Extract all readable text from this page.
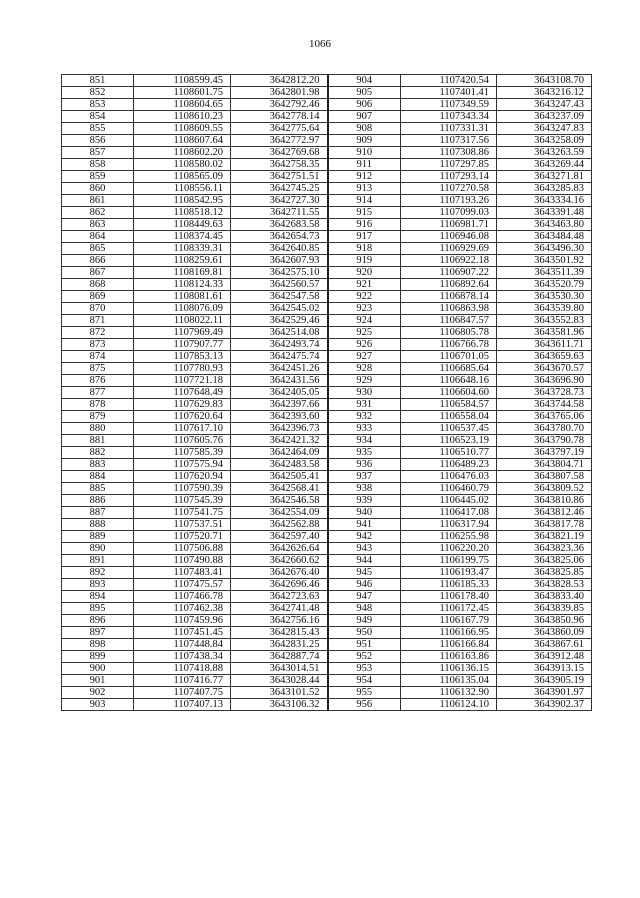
1066
851	1108599.45	3642812.20	904	1107420.54	3643108.70
852	1108601.75	3642801.98	905	1107401.41	3643216.12
853	1108604.65	3642792.46	906	1107349.59	3643247.43
854	1108610.23	3642778.14	907	1107343.34	3643237.09
855	1108609.55	3642775.64	908	1107331.31	3643247.83
856	1108607.64	3642772.97	909	1107317.56	3643258.09
857	1108602.20	3642769.68	910	1107308.86	3643263.59
858	1108580.02	3642758.35	911	1107297.85	3643269.44
859	1108565.09	3642751.51	912	1107293.14	3643271.81
860	1108556.11	3642745.25	913	1107270.58	3643285.83
861	1108542.95	3642727.30	914	1107193.26	3643334.16
862	1108518.12	3642711.55	915	1107099.03	3643391.48
863	1108449.63	3642683.58	916	1106981.71	3643463.80
864	1108374.45	3642654.73	917	1106946.08	3643484.48
865	1108339.31	3642640.85	918	1106929.69	3643496.30
866	1108259.61	3642607.93	919	1106922.18	3643501.92
867	1108169.81	3642575.10	920	1106907.22	3643511.39
868	1108124.33	3642560.57	921	1106892.64	3643520.79
869	1108081.61	3642547.58	922	1106878.14	3643530.30
870	1108076.09	3642545.02	923	1106863.98	3643539.80
871	1108022.11	3642529.46	924	1106847.57	3643552.83
872	1107969.49	3642514.08	925	1106805.78	3643581.96
873	1107907.77	3642493.74	926	1106766.78	3643611.71
874	1107853.13	3642475.74	927	1106701.05	3643659.63
875	1107780.93	3642451.26	928	1106685.64	3643670.57
876	1107721.18	3642431.56	929	1106648.16	3643696.90
877	1107648.49	3642405.05	930	1106604.60	3643728.73
878	1107629.83	3642397.66	931	1106584.57	3643744.58
879	1107620.64	3642393.60	932	1106558.04	3643765.06
880	1107617.10	3642396.73	933	1106537.45	3643780.70
881	1107605.76	3642421.32	934	1106523.19	3643790.78
882	1107585.39	3642464.09	935	1106510.77	3643797.19
883	1107575.94	3642483.58	936	1106489.23	3643804.71
884	1107620.94	3642505.41	937	1106476.03	3643807.58
885	1107590.39	3642568.41	938	1106460.79	3643809.52
886	1107545.39	3642546.58	939	1106445.02	3643810.86
887	1107541.75	3642554.09	940	1106417.08	3643812.46
888	1107537.51	3642562.88	941	1106317.94	3643817.78
889	1107520.71	3642597.40	942	1106255.98	3643821.19
890	1107506.88	3642626.64	943	1106220.20	3643823.36
891	1107490.88	3642660.62	944	1106199.75	3643825.06
892	1107483.41	3642676.40	945	1106193.47	3643825.85
893	1107475.57	3642696.46	946	1106185.33	3643828.53
894	1107466.78	3642723.63	947	1106178.40	3643833.40
895	1107462.38	3642741.48	948	1106172.45	3643839.85
896	1107459.96	3642756.16	949	1106167.79	3643850.96
897	1107451.45	3642815.43	950	1106166.95	3643860.09
898	1107448.84	3642831.25	951	1106166.84	3643867.61
899	1107438.34	3642887.74	952	1106163.86	3643912.48
900	1107418.88	3643014.51	953	1106136.15	3643913.15
901	1107416.77	3643028.44	954	1106135.04	3643905.19
902	1107407.75	3643101.52	955	1106132.90	3643901.97
903	1107407.13	3643106.32	956	1106124.10	3643902.37
